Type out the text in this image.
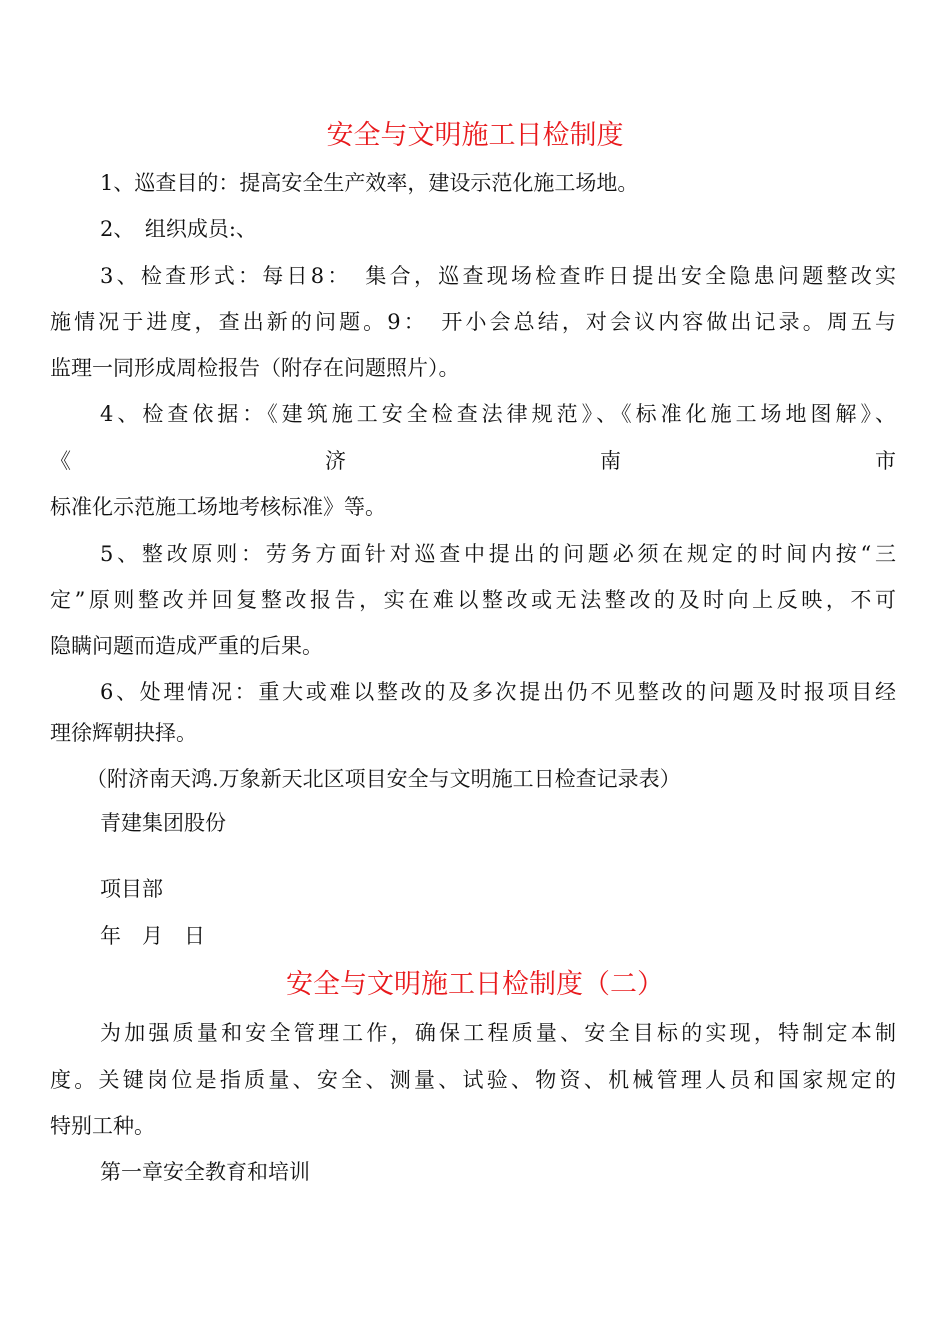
安全与文明施工日检制度
1、巡查目的：提高安全生产效率，建设示范化施工场地。
2、　组织成员:、
3、检查形式：每日8：　集合，巡查现场检查昨日提出安全隐患问题整改实
施情况于进度，查出新的问题。9：　开小会总结，对会议内容做出记录。周五与
监理一同形成周检报告（附存在问题照片）。
4、检查依据：《建筑施工安全检查法律规范》、《标准化施工场地图解》、
《	济	南	市
标准化示范施工场地考核标准》等。
5、整改原则：劳务方面针对巡查中提出的问题必须在规定的时间内按“三
定”原则整改并回复整改报告，实在难以整改或无法整改的及时向上反映，不可
隐瞒问题而造成严重的后果。
6、处理情况：重大或难以整改的及多次提出仍不见整改的问题及时报项目经
理徐辉朝抉择。
（附济南天鸿.万象新天北区项目安全与文明施工日检查记录表）
青建集团股份
项目部
年　月　日
安全与文明施工日检制度（二）
为加强质量和安全管理工作，确保工程质量、安全目标的实现，特制定本制
度。关键岗位是指质量、安全、测量、试验、物资、机械管理人员和国家规定的
特别工种。
第一章安全教育和培训
